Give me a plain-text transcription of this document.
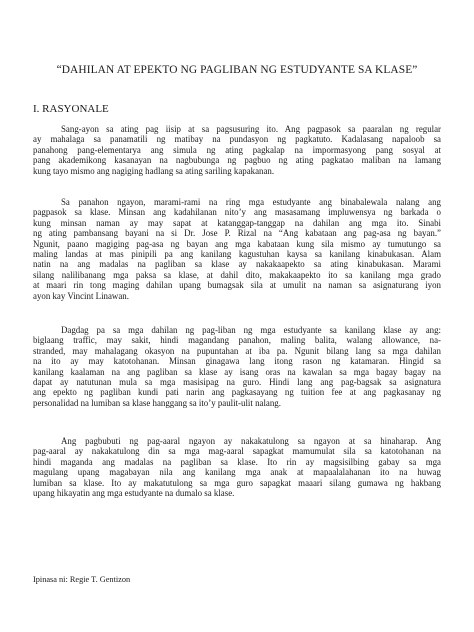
“DAHILAN AT EPEKTO NG PAGLIBAN NG ESTUDYANTE SA KLASE”
I. RASYONALE
Sang-ayon sa ating pag iisip at sa pagsusuring ito. Ang pagpasok sa paaralan ng regular
ay mahalaga sa panamatili ng matibay na pundasyon ng pagkatuto. Kadalasang napaloob sa
panahong pang-elementarya ang simula ng ating pagkalap na impormasyong pang sosyal at
pang akademikong kasanayan na nagbubunga ng pagbuo ng ating pagkatao maliban na lamang
kung tayo mismo ang nagiging hadlang sa ating sariling kapakanan.
Sa panahon ngayon, marami-rami na ring mga estudyante ang binabalewala nalang ang
pagpasok sa klase. Minsan ang kadahilanan nito’y ang masasamang impluwensya ng barkada o
kung minsan naman ay may sapat at katanggap-tanggap na dahilan ang mga ito. Sinabi
ng ating pambansang bayani na si Dr. Jose P. Rizal na “Ang kabataan ang pag-asa ng bayan.”
Ngunit, paano magiging pag-asa ng bayan ang mga kabataan kung sila mismo ay tumutungo sa
maling landas at mas pinipili pa ang kanilang kagustuhan kaysa sa kanilang kinabukasan. Alam
natin na ang madalas na pagliban sa klase ay nakakaapekto sa ating kinabukasan. Marami
silang nalilibanang mga paksa sa klase, at dahil dito, makakaapekto ito sa kanilang mga grado
at maari rin tong maging dahilan upang bumagsak sila at umulit na naman sa asignaturang iyon
ayon kay Vincint Linawan.
Dagdag pa sa mga dahilan ng pag-liban ng mga estudyante sa kanilang klase ay ang:
biglaang traffic, may sakit, hindi magandang panahon, maling balita, walang allowance, na-
stranded, may mahalagang okasyon na pupuntahan at iba pa. Ngunit bilang lang sa mga dahilan
na ito ay may katotohanan. Minsan ginagawa lang itong rason ng katamaran. Hingid sa
kanilang kaalaman na ang pagliban sa klase ay isang oras na kawalan sa mga bagay bagay na
dapat ay natutunan mula sa mga masisipag na guro. Hindi lang ang pag-bagsak sa asignatura
ang epekto ng pagliban kundi pati narin ang pagkasayang ng tuition fee at ang pagkasanay ng
personalidad na lumiban sa klase hanggang sa ito’y paulit-ulit nalang.
Ang pagbubuti ng pag-aaral ngayon ay nakakatulong sa ngayon at sa hinaharap. Ang
pag-aaral ay nakakatulong din sa mga mag-aaral sapagkat mamumulat sila sa katotohanan na
hindi maganda ang madalas na pagliban sa klase. Ito rin ay magsisilbing gabay sa mga
magulang upang magabayan nila ang kanilang mga anak at mapaalalahanan ito na huwag
lumiban sa klase. Ito ay makatutulong sa mga guro sapagkat maaari silang gumawa ng hakbang
upang hikayatin ang mga estudyante na dumalo sa klase.
Ipinasa ni: Regie T. Gentizon
